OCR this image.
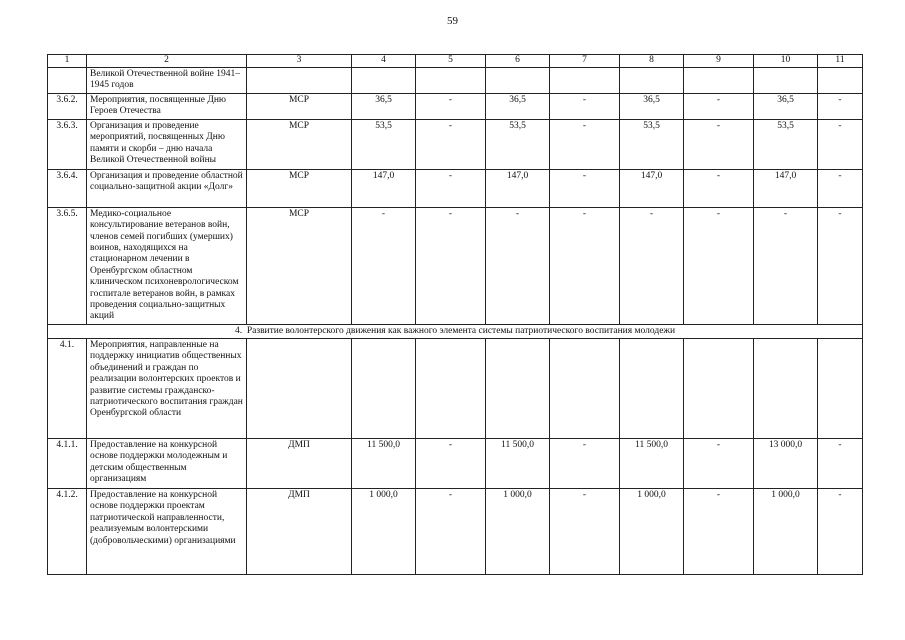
59
1	2	3	4	5	6	7	8	9	10	11
	Великой Отечественной войне 1941–1945 годов									
3.6.2.	Мероприятия, посвященные Дню Героев Отечества	МСР	36,5	-	36,5	-	36,5	-	36,5	-
3.6.3.	Организация и проведение мероприятий, посвященных Дню памяти и скорби – дню начала Великой Отечественной войны	МСР	53,5	-	53,5	-	53,5	-	53,5	-
3.6.4.	Организация и проведение областной социально-защитной акции «Долг»	МСР	147,0	-	147,0	-	147,0	-	147,0	-
3.6.5.	Медико-социальное консультирование ветеранов войн, членов семей погибших (умерших) воинов, находящихся на стационарном лечении в Оренбургском областном клиническом психоневрологическом госпитале ветеранов войн, в рамках проведения социально-защитных акций	МСР	-	-	-	-	-	-	-	-
4. Развитие волонтерского движения как важного элемента системы патриотического воспитания молодежи										
4.1.	Мероприятия, направленные на поддержку инициатив общественных объединений и граждан по реализации волонтерских проектов и развитие системы гражданско-патриотического воспитания граждан Оренбургской области									
4.1.1.	Предоставление на конкурсной основе поддержки молодежным и детским общественным организациям	ДМП	11 500,0	-	11 500,0	-	11 500,0	-	13 000,0	-
4.1.2.	Предоставление на конкурсной основе поддержки проектам патриотической направленности, реализуемым волонтерскими (добровольческими) организациями	ДМП	1 000,0	-	1 000,0	-	1 000,0	-	1 000,0	-
